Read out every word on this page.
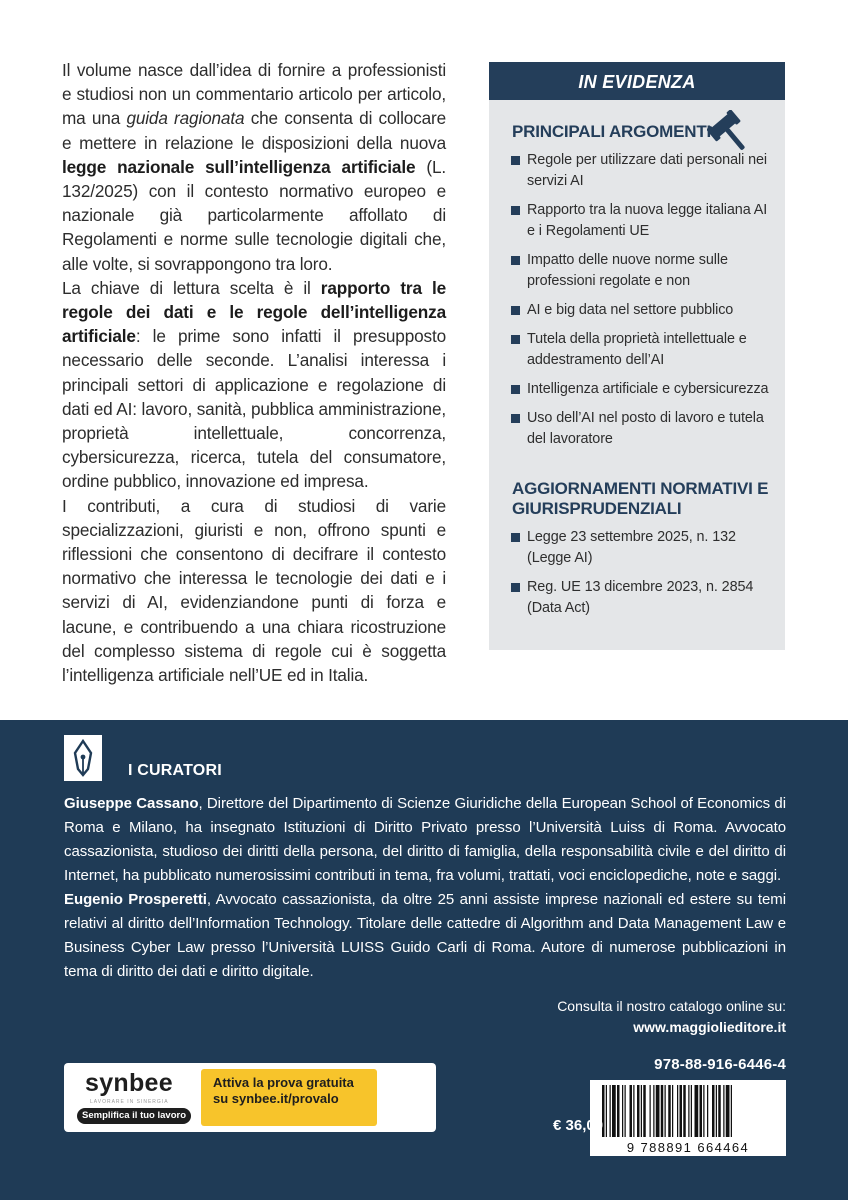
Il volume nasce dall’idea di fornire a professionisti e studiosi non un commentario articolo per articolo, ma una guida ragionata che consenta di collocare e mettere in relazione le disposizioni della nuova legge nazionale sull’intelligenza artificiale (L. 132/2025) con il contesto normativo europeo e nazionale già particolarmente affollato di Regolamenti e norme sulle tecnologie digitali che, alle volte, si sovrappongono tra loro.

La chiave di lettura scelta è il rapporto tra le regole dei dati e le regole dell’intelligenza artificiale: le prime sono infatti il presupposto necessario delle seconde. L’analisi interessa i principali settori di applicazione e regolazione di dati ed AI: lavoro, sanità, pubblica amministrazione, proprietà intellettuale, concorrenza, cybersicurezza, ricerca, tutela del consumatore, ordine pubblico, innovazione ed impresa.

I contributi, a cura di studiosi di varie specializzazioni, giuristi e non, offrono spunti e riflessioni che consentono di decifrare il contesto normativo che interessa le tecnologie dei dati e i servizi di AI, evidenziandone punti di forza e lacune, e contribuendo a una chiara ricostruzione del complesso sistema di regole cui è soggetta l’intelligenza artificiale nell’UE ed in Italia.

IN EVIDENZA
PRINCIPALI ARGOMENTI
Regole per utilizzare dati personali nei servizi AI
Rapporto tra la nuova legge italiana AI e i Regolamenti UE
Impatto delle nuove norme sulle professioni regolate e non
AI e big data nel settore pubblico
Tutela della proprietà intellettuale e addestramento dell’AI
Intelligenza artificiale e cybersicurezza
Uso dell’AI nel posto di lavoro e tutela del lavoratore
AGGIORNAMENTI NORMATIVI E GIURISPRUDENZIALI
Legge 23 settembre 2025, n. 132 (Legge AI)
Reg. UE 13 dicembre 2023, n. 2854 (Data Act)
I CURATORI
Giuseppe Cassano, Direttore del Dipartimento di Scienze Giuridiche della European School of Economics di Roma e Milano, ha insegnato Istituzioni di Diritto Privato presso l’Università Luiss di Roma. Avvocato cassazionista, studioso dei diritti della persona, del diritto di famiglia, della responsabilità civile e del diritto di Internet, ha pubblicato numerosissimi contributi in tema, fra volumi, trattati, voci enciclopediche, note e saggi.
Eugenio Prosperetti, Avvocato cassazionista, da oltre 25 anni assiste imprese nazionali ed estere su temi relativi al diritto dell’Information Technology. Titolare delle cattedre di Algorithm and Data Management Law e Business Cyber Law presso l’Università LUISS Guido Carli di Roma. Autore di numerose pubblicazioni in tema di diritto dei dati e diritto digitale.
Consulta il nostro catalogo online su:
www.maggiolieditore.it
978-88-916-6446-4
9 788891 664464
€ 36,00
synbee
LAVORARE IN SINERGIA
Semplifica il tuo lavoro
Attiva la prova gratuita su synbee.it/provalo
